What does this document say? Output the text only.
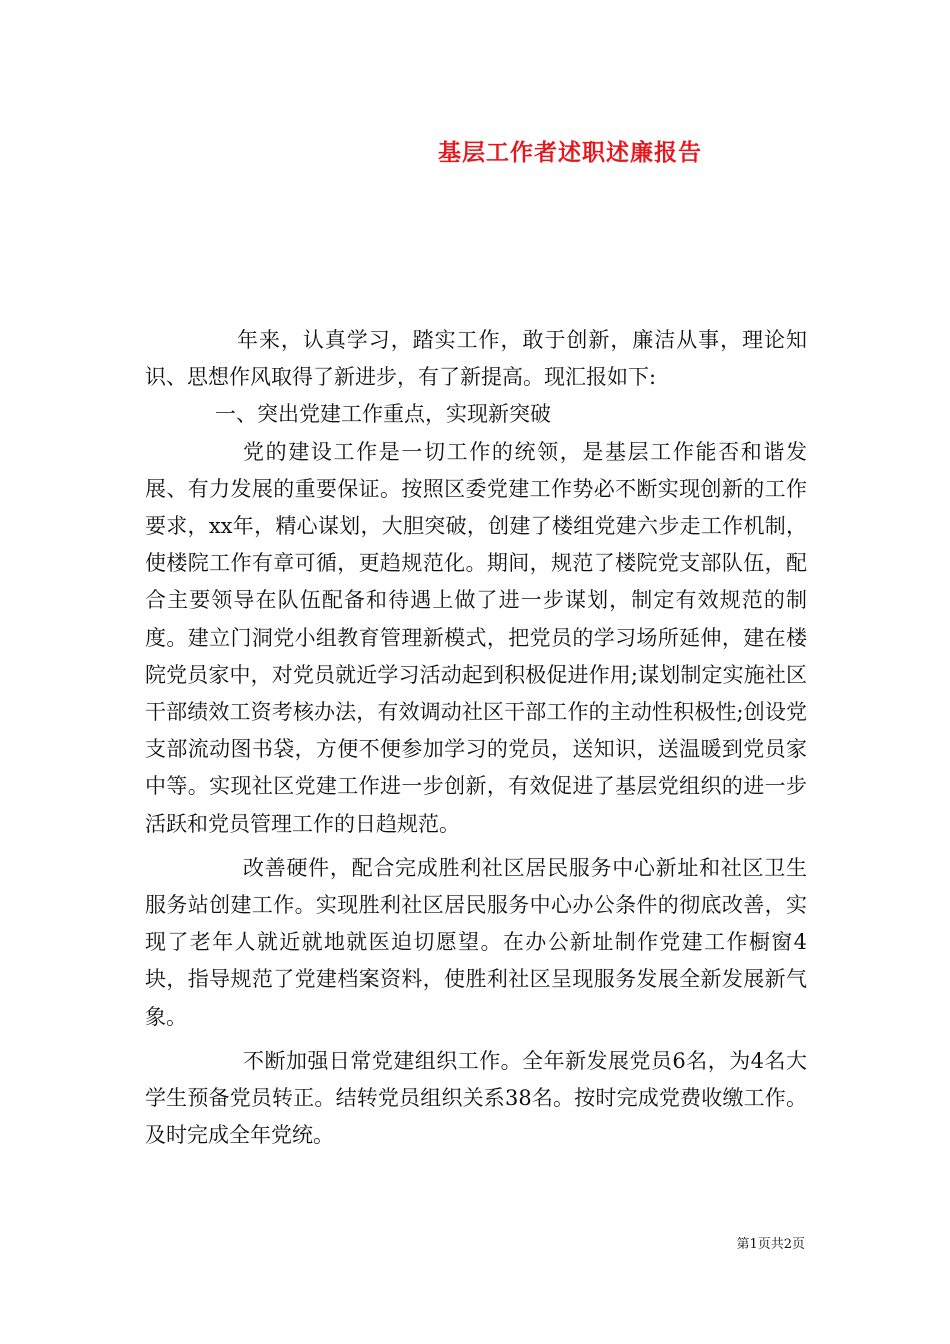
基层工作者述职述廉报告

年来，认真学习，踏实工作，敢于创新，廉洁从事，理论知识、思想作风取得了新进步，有了新提高。现汇报如下:

一、突出党建工作重点，实现新突破

党的建设工作是一切工作的统领，是基层工作能否和谐发展、有力发展的重要保证。按照区委党建工作势必不断实现创新的工作要求，xx年，精心谋划，大胆突破，创建了楼组党建六步走工作机制，使楼院工作有章可循，更趋规范化。期间，规范了楼院党支部队伍，配合主要领导在队伍配备和待遇上做了进一步谋划，制定有效规范的制度。建立门洞党小组教育管理新模式，把党员的学习场所延伸，建在楼院党员家中，对党员就近学习活动起到积极促进作用;谋划制定实施社区干部绩效工资考核办法，有效调动社区干部工作的主动性积极性;创设党支部流动图书袋，方便不便参加学习的党员，送知识，送温暖到党员家中等。实现社区党建工作进一步创新，有效促进了基层党组织的进一步活跃和党员管理工作的日趋规范。

改善硬件，配合完成胜利社区居民服务中心新址和社区卫生服务站创建工作。实现胜利社区居民服务中心办公条件的彻底改善，实现了老年人就近就地就医迫切愿望。在办公新址制作党建工作橱窗4块，指导规范了党建档案资料，使胜利社区呈现服务发展全新发展新气象。

不断加强日常党建组织工作。全年新发展党员6名，为4名大学生预备党员转正。结转党员组织关系38名。按时完成党费收缴工作。及时完成全年党统。

第1页共2页
